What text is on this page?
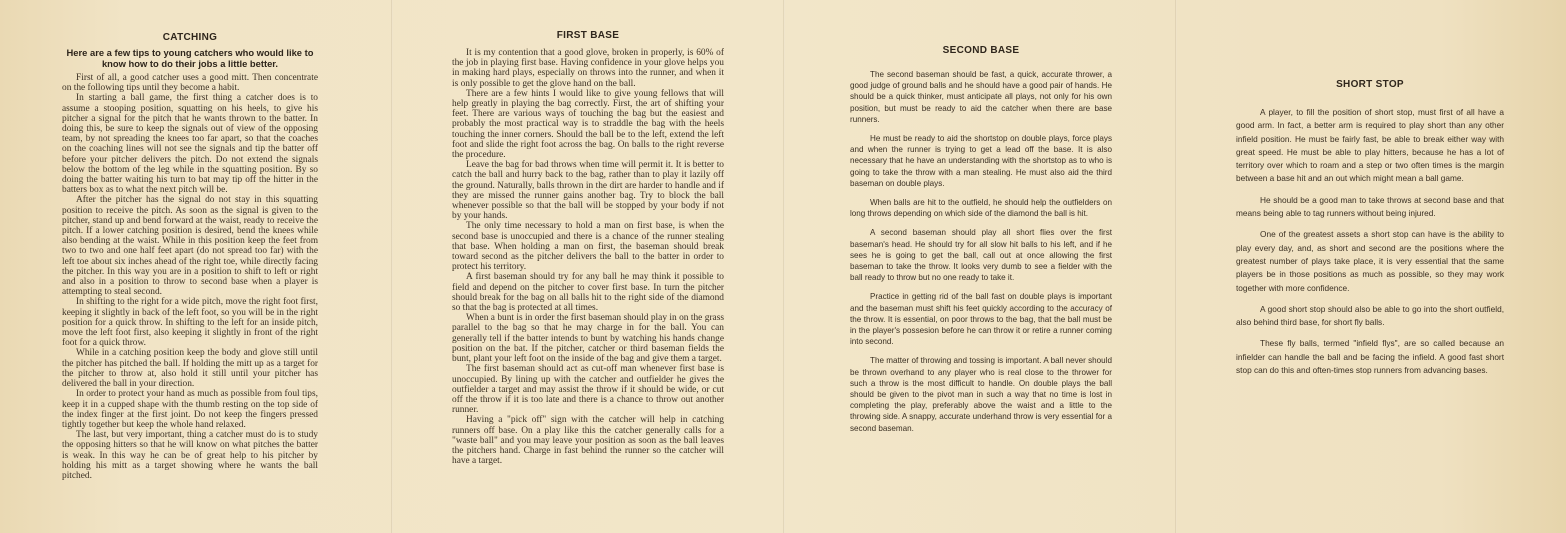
CATCHING
Here are a few tips to young catchers who would like to know how to do their jobs a little better.

First of all, a good catcher uses a good mitt. Then concentrate on the following tips until they become a habit.

In starting a ball game, the first thing a catcher does is to assume a stooping position, squatting on his heels, to give his pitcher a signal for the pitch that he wants thrown to the batter. In doing this, be sure to keep the signals out of view of the opposing team, by not spreading the knees too far apart, so that the coaches on the coaching lines will not see the signals and tip the batter off before your pitcher delivers the pitch. Do not extend the signals below the bottom of the leg while in the squatting position. By so doing the batter waiting his turn to bat may tip off the hitter in the batters box as to what the next pitch will be.

After the pitcher has the signal do not stay in this squatting position to receive the pitch. As soon as the signal is given to the pitcher, stand up and bend forward at the waist, ready to receive the pitch. If a lower catching position is desired, bend the knees while also bending at the waist. While in this position keep the feet from two to two and one half feet apart (do not spread too far) with the left toe about six inches ahead of the right toe, while directly facing the pitcher. In this way you are in a position to shift to left or right and also in a position to throw to second base when a player is attempting to steal second.

In shifting to the right for a wide pitch, move the right foot first, keeping it slightly in back of the left foot, so you will be in the right position for a quick throw. In shifting to the left for an inside pitch, move the left foot first, also keeping it slightly in front of the right foot for a quick throw.

While in a catching position keep the body and glove still until the pitcher has pitched the ball. If holding the mitt up as a target for the pitcher to throw at, also hold it still until your pitcher has delivered the ball in your direction.

In order to protect your hand as much as possible from foul tips, keep it in a cupped shape with the thumb resting on the top side of the index finger at the first joint. Do not keep the fingers pressed tightly together but keep the whole hand relaxed.

The last, but very important, thing a catcher must do is to study the opposing hitters so that he will know on what pitches the batter is weak. In this way he can be of great help to his pitcher by holding his mitt as a target showing where he wants the ball pitched.

FIRST BASE

It is my contention that a good glove, broken in properly, is 60% of the job in playing first base. Having confidence in your glove helps you in making hard plays, especially on throws into the runner, and when it is only possible to get the glove hand on the ball.

There are a few hints I would like to give young fellows that will help greatly in playing the bag correctly. First, the art of shifting your feet. There are various ways of touching the bag but the easiest and probably the most practical way is to straddle the bag with the heels touching the inner corners. Should the ball be to the left, extend the left foot and slide the right foot across the bag. On balls to the right reverse the procedure.

Leave the bag for bad throws when time will permit it. It is better to catch the ball and hurry back to the bag, rather than to play it lazily off the ground. Naturally, balls thrown in the dirt are harder to handle and if they are missed the runner gains another bag. Try to block the ball whenever possible so that the ball will be stopped by your body if not by your hands.

The only time necessary to hold a man on first base, is when the second base is unoccupied and there is a chance of the runner stealing that base. When holding a man on first, the baseman should break toward second as the pitcher delivers the ball to the batter in order to protect his territory.

A first baseman should try for any ball he may think it possible to field and depend on the pitcher to cover first base. In turn the pitcher should break for the bag on all balls hit to the right side of the diamond so that the bag is protected at all times.

When a bunt is in order the first baseman should play in on the grass parallel to the bag so that he may charge in for the ball. You can generally tell if the batter intends to bunt by watching his hands change position on the bat. If the pitcher, catcher or third baseman fields the bunt, plant your left foot on the inside of the bag and give them a target.

The first baseman should act as cut-off man whenever first base is unoccupied. By lining up with the catcher and outfielder he gives the outfielder a target and may assist the throw if it should be wide, or cut off the throw if it is too late and there is a chance to throw out another runner.

Having a "pick off" sign with the catcher will help in catching runners off base. On a play like this the catcher generally calls for a "waste ball" and you may leave your position as soon as the ball leaves the pitchers hand. Charge in fast behind the runner so the catcher will have a target.

SECOND BASE

The second baseman should be fast, a quick, accurate thrower, a good judge of ground balls and he should have a good pair of hands. He should be a quick thinker, must anticipate all plays, not only for his own position, but must be ready to aid the catcher when there are base runners.

He must be ready to aid the shortstop on double plays, force plays and when the runner is trying to get a lead off the base. It is also necessary that he have an understanding with the shortstop as to who is going to take the throw with a man stealing. He must also aid the third baseman on double plays.

When balls are hit to the outfield, he should help the outfielders on long throws depending on which side of the diamond the ball is hit.

A second baseman should play all short flies over the first baseman's head. He should try for all slow hit balls to his left, and if he sees he is going to get the ball, call out at once allowing the first baseman to take the throw. It looks very dumb to see a fielder with the ball ready to throw but no one ready to take it.

Practice in getting rid of the ball fast on double plays is important and the baseman must shift his feet quickly according to the accuracy of the throw. It is essential, on poor throws to the bag, that the ball must be in the player's possesion before he can throw it or retire a runner coming into second.

The matter of throwing and tossing is important. A ball never should be thrown overhand to any player who is real close to the thrower for such a throw is the most difficult to handle. On double plays the ball should be given to the pivot man in such a way that no time is lost in completing the play, preferably above the waist and a little to the throwing side. A snappy, accurate underhand throw is very essential for a second baseman.

SHORT STOP

A player, to fill the position of short stop, must first of all have a good arm. In fact, a better arm is required to play short than any other infield position. He must be fairly fast, be able to break either way with great speed. He must be able to play hitters, because he has a lot of territory over which to roam and a step or two often times is the margin between a base hit and an out which might mean a ball game.

He should be a good man to take throws at second base and that means being able to tag runners without being injured.

One of the greatest assets a short stop can have is the ability to play every day, and, as short and second are the positions where the greatest number of plays take place, it is very essential that the same players be in those positions as much as possible, so they may work together with more confidence.

A good short stop should also be able to go into the short outfield, also behind third base, for short fly balls.

These fly balls, termed "infield flys", are so called because an infielder can handle the ball and be facing the infield. A good fast short stop can do this and often-times stop runners from advancing bases.
